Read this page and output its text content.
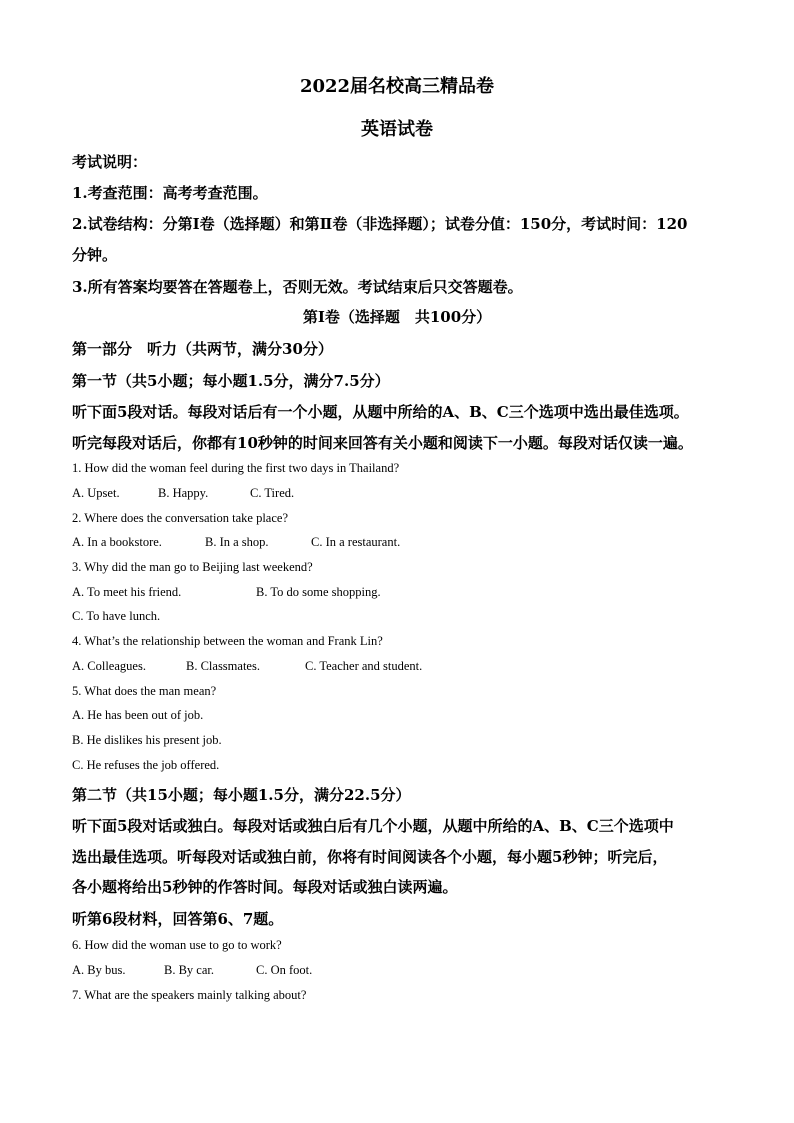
2022届名校高三精品卷
英语试卷
考试说明：
1.考查范围：高考考查范围。
2.试卷结构：分第Ⅰ卷（选择题）和第Ⅱ卷（非选择题）；试卷分值：150分，考试时间：120
分钟。
3.所有答案均要答在答题卷上，否则无效。考试结束后只交答题卷。
第Ⅰ卷（选择题　共100分）
第一部分　听力（共两节，满分30分）
第一节（共5小题；每小题1.5分，满分7.5分）
听下面5段对话。每段对话后有一个小题，从题中所给的A、B、C三个选项中选出最佳选项。
听完每段对话后，你都有10秒钟的时间来回答有关小题和阅读下一小题。每段对话仅读一遍。
1. How did the woman feel during the first two days in Thailand?
A. Upset.	B. Happy.	C. Tired.
2. Where does the conversation take place?
A. In a bookstore.	B. In a shop.	C. In a restaurant.
3. Why did the man go to Beijing last weekend?
A. To meet his friend.	B. To do some shopping.
C. To have lunch.
4. What’s the relationship between the woman and Frank Lin?
A. Colleagues.	B. Classmates.	C. Teacher and student.
5. What does the man mean?
A. He has been out of job.
B. He dislikes his present job.
C. He refuses the job offered.
第二节（共15小题；每小题1.5分，满分22.5分）
听下面5段对话或独白。每段对话或独白后有几个小题，从题中所给的A、B、C三个选项中
选出最佳选项。听每段对话或独白前，你将有时间阅读各个小题，每小题5秒钟；听完后，
各小题将给出5秒钟的作答时间。每段对话或独白读两遍。
听第6段材料，回答第6、7题。
6. How did the woman use to go to work?
A. By bus.	B. By car.	C. On foot.
7. What are the speakers mainly talking about?
